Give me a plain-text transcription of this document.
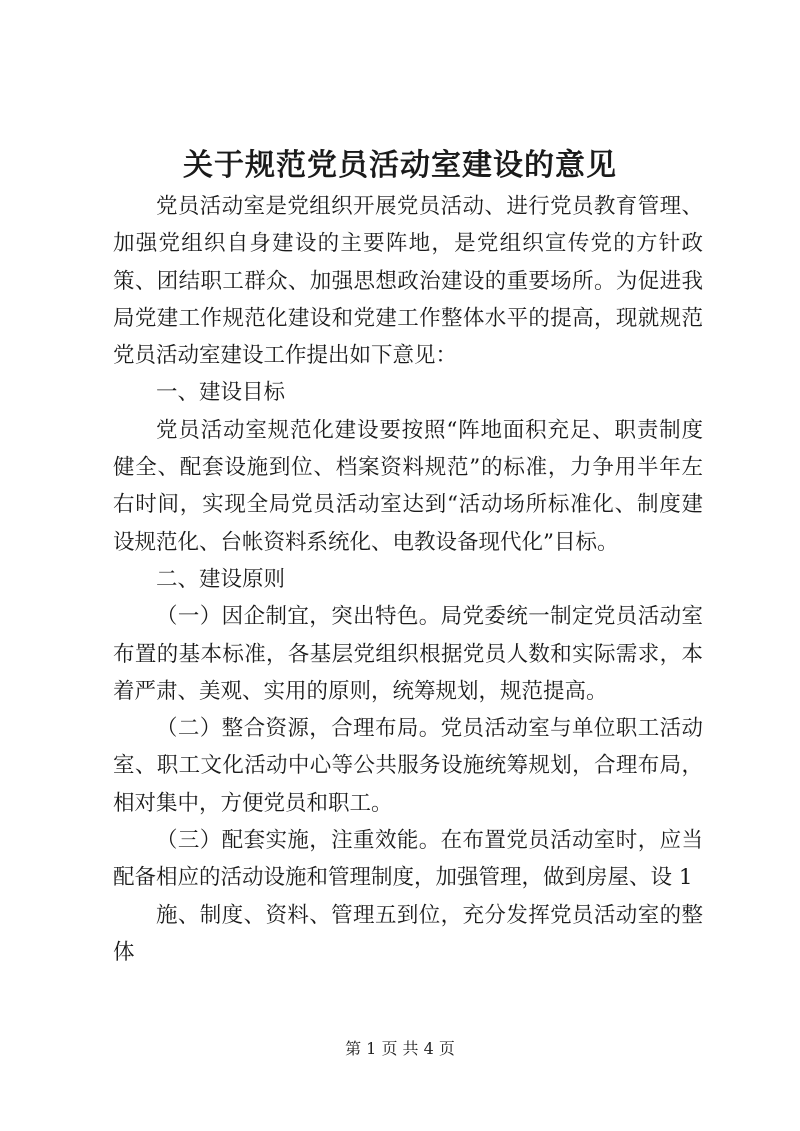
关于规范党员活动室建设的意见

党员活动室是党组织开展党员活动、进行党员教育管理、加强党组织自身建设的主要阵地，是党组织宣传党的方针政策、团结职工群众、加强思想政治建设的重要场所。为促进我局党建工作规范化建设和党建工作整体水平的提高，现就规范党员活动室建设工作提出如下意见：

一、建设目标

党员活动室规范化建设要按照“阵地面积充足、职责制度健全、配套设施到位、档案资料规范”的标准，力争用半年左右时间，实现全局党员活动室达到“活动场所标准化、制度建设规范化、台帐资料系统化、电教设备现代化”目标。

二、建设原则

（一）因企制宜，突出特色。局党委统一制定党员活动室布置的基本标准，各基层党组织根据党员人数和实际需求，本着严肃、美观、实用的原则，统筹规划，规范提高。

（二）整合资源，合理布局。党员活动室与单位职工活动室、职工文化活动中心等公共服务设施统筹规划，合理布局，相对集中，方便党员和职工。

（三）配套实施，注重效能。在布置党员活动室时，应当配备相应的活动设施和管理制度，加强管理，做到房屋、设 1

施、制度、资料、管理五到位，充分发挥党员活动室的整体

第 1 页 共 4 页
